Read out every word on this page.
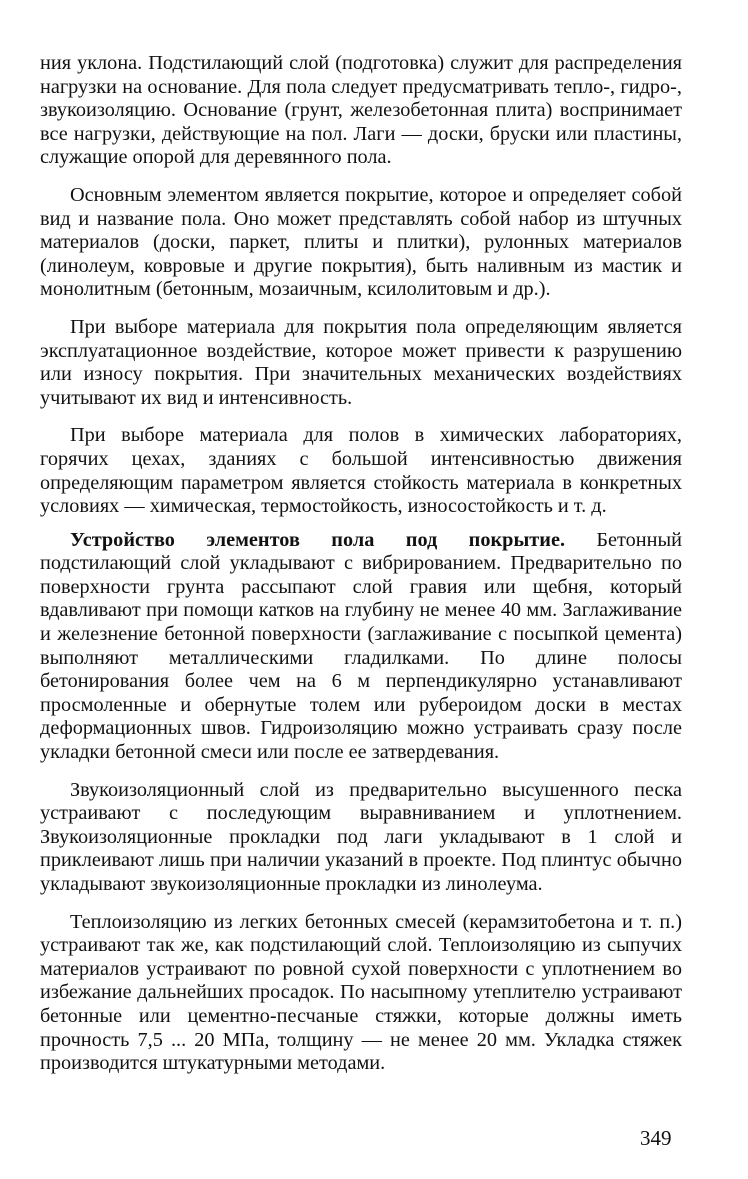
ния уклона. Подстилающий слой (подготовка) служит для распределения нагрузки на основание. Для пола следует предусматривать тепло-, гидро-, звукоизоляцию. Основание (грунт, железобетонная плита) воспринимает все нагрузки, действующие на пол. Лаги — доски, бруски или пластины, служащие опорой для деревянного пола.

Основным элементом является покрытие, которое и определяет собой вид и название пола. Оно может представлять собой набор из штучных материалов (доски, паркет, плиты и плитки), рулонных материалов (линолеум, ковровые и другие покрытия), быть наливным из мастик и монолитным (бетонным, мозаичным, ксилолитовым и др.).

При выборе материала для покрытия пола определяющим является эксплуатационное воздействие, которое может привести к разрушению или износу покрытия. При значительных механических воздействиях учитывают их вид и интенсивность.

При выборе материала для полов в химических лабораториях, горячих цехах, зданиях с большой интенсивностью движения определяющим параметром является стойкость материала в конкретных условиях — химическая, термостойкость, износостойкость и т. д.

Устройство элементов пола под покрытие. Бетонный подстилающий слой укладывают с вибрированием. Предварительно по поверхности грунта рассыпают слой гравия или щебня, который вдавливают при помощи катков на глубину не менее 40 мм. Заглаживание и железнение бетонной поверхности (заглаживание с посыпкой цемента) выполняют металлическими гладилками. По длине полосы бетонирования более чем на 6 м перпендикулярно устанавливают просмоленные и обернутые толем или рубероидом доски в местах деформационных швов. Гидроизоляцию можно устраивать сразу после укладки бетонной смеси или после ее затвердевания.

Звукоизоляционный слой из предварительно высушенного песка устраивают с последующим выравниванием и уплотнением. Звукоизоляционные прокладки под лаги укладывают в 1 слой и приклеивают лишь при наличии указаний в проекте. Под плинтус обычно укладывают звукоизоляционные прокладки из линолеума.

Теплоизоляцию из легких бетонных смесей (керамзитобетона и т. п.) устраивают так же, как подстилающий слой. Теплоизоляцию из сыпучих материалов устраивают по ровной сухой поверхности с уплотнением во избежание дальнейших просадок. По насыпному утеплителю устраивают бетонные или цементно-песчаные стяжки, которые должны иметь прочность 7,5 ... 20 МПа, толщину — не менее 20 мм. Укладка стяжек производится штукатурными методами.

349
